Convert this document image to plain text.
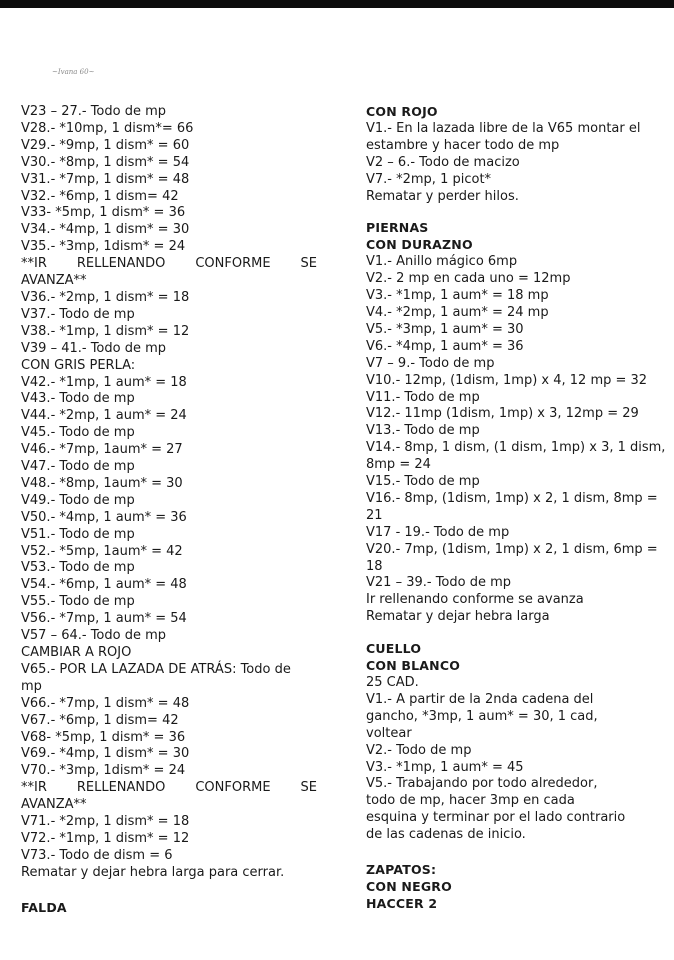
~Ivana 60~
V23 – 27.- Todo de mp
V28.- *10mp, 1 dism*= 66
V29.- *9mp, 1 dism* = 60
V30.- *8mp, 1 dism* = 54
V31.- *7mp, 1 dism* = 48
V32.- *6mp, 1 dism= 42
V33- *5mp, 1 dism* = 36
V34.- *4mp, 1 dism* = 30
V35.- *3mp, 1dism* = 24
**IR RELLENANDO CONFORME SE
AVANZA**
V36.- *2mp, 1 dism* = 18
V37.- Todo de mp
V38.- *1mp, 1 dism* = 12
V39 – 41.- Todo de mp
CON GRIS PERLA:
V42.- *1mp, 1 aum* = 18
V43.- Todo de mp
V44.- *2mp, 1 aum* = 24
V45.- Todo de mp
V46.- *7mp, 1aum* = 27
V47.- Todo de mp
V48.- *8mp, 1aum* = 30
V49.- Todo de mp
V50.- *4mp, 1 aum* = 36
V51.- Todo de mp
V52.- *5mp, 1aum* = 42
V53.- Todo de mp
V54.- *6mp, 1 aum* = 48
V55.- Todo de mp
V56.- *7mp, 1 aum* = 54
V57 – 64.- Todo de mp
CAMBIAR A ROJO
V65.- POR LA LAZADA DE ATRÁS: Todo de
mp
V66.- *7mp, 1 dism* = 48
V67.- *6mp, 1 dism= 42
V68- *5mp, 1 dism* = 36
V69.- *4mp, 1 dism* = 30
V70.- *3mp, 1dism* = 24
**IR RELLENANDO CONFORME SE
AVANZA**
V71.- *2mp, 1 dism* = 18
V72.- *1mp, 1 dism* = 12
V73.- Todo de dism = 6
Rematar y dejar hebra larga para cerrar.
FALDA
CON ROJO
V1.- En la lazada libre de la V65 montar el
estambre y hacer todo de mp
V2 – 6.- Todo de macizo
V7.- *2mp, 1 picot*
Rematar y perder hilos.
PIERNAS
CON DURAZNO
V1.- Anillo mágico 6mp
V2.- 2 mp en cada uno = 12mp
V3.- *1mp, 1 aum* = 18 mp
V4.- *2mp, 1 aum* = 24 mp
V5.- *3mp, 1 aum* = 30
V6.- *4mp, 1 aum* = 36
V7 – 9.- Todo de mp
V10.- 12mp, (1dism, 1mp) x 4, 12 mp = 32
V11.- Todo de mp
V12.- 11mp (1dism, 1mp) x 3, 12mp = 29
V13.- Todo de mp
V14.- 8mp, 1 dism, (1 dism, 1mp) x 3, 1 dism,
8mp = 24
V15.- Todo de mp
V16.- 8mp, (1dism, 1mp) x 2, 1 dism, 8mp =
21
V17 - 19.- Todo de mp
V20.- 7mp, (1dism, 1mp) x 2, 1 dism, 6mp =
18
V21 – 39.- Todo de mp
Ir rellenando conforme se avanza
Rematar y dejar hebra larga
CUELLO
CON BLANCO
25 CAD.
V1.- A partir de la 2nda cadena del
gancho, *3mp, 1 aum* = 30, 1 cad,
voltear
V2.- Todo de mp
V3.- *1mp, 1 aum* = 45
V5.- Trabajando por todo alrededor,
todo de mp, hacer 3mp en cada
esquina y terminar por el lado contrario
de las cadenas de inicio.
ZAPATOS:
CON NEGRO
HACCER 2
